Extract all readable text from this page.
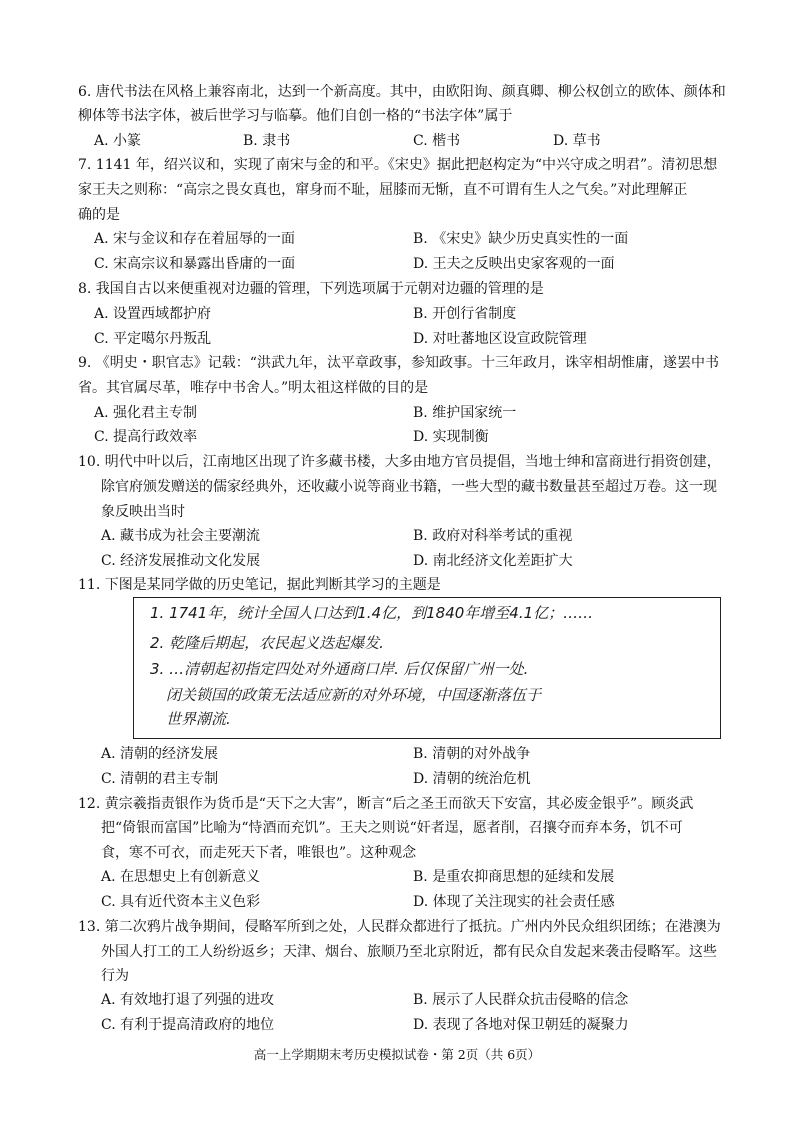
6. 唐代书法在风格上兼容南北，达到一个新高度。其中，由欧阳询、颜真卿、柳公权创立的欧体、颜体和
柳体等书法字体，被后世学习与临摹。他们自创一格的“书法字体”属于
A. 小篆	B. 隶书	C. 楷书	D. 草书
7. 1141 年，绍兴议和，实现了南宋与金的和平。《宋史》据此把赵构定为“中兴守成之明君”。清初思想
家王夫之则称：“高宗之畏女真也，窜身而不耻，屈膝而无惭，直不可谓有生人之气矣。”对此理解正
确的是
A. 宋与金议和存在着屈辱的一面	B. 《宋史》缺少历史真实性的一面
C. 宋高宗议和暴露出昏庸的一面	D. 王夫之反映出史家客观的一面
8. 我国自古以来便重视对边疆的管理，下列选项属于元朝对边疆的管理的是
A. 设置西域都护府	B. 开创行省制度
C. 平定噶尔丹叛乱	D. 对吐蕃地区设宣政院管理
9. 《明史・职官志》记载：“洪武九年，汰平章政事，参知政事。十三年政月，诛宰相胡惟庸，遂罢中书
省。其官属尽革，唯存中书舍人。”明太祖这样做的目的是
A. 强化君主专制	B. 维护国家统一
C. 提高行政效率	D. 实现制衡
10. 明代中叶以后，江南地区出现了许多藏书楼，大多由地方官员提倡，当地士绅和富商进行捐资创建，
除官府颁发赠送的儒家经典外，还收藏小说等商业书籍，一些大型的藏书数量甚至超过万卷。这一现
象反映出当时
A. 藏书成为社会主要潮流	B. 政府对科举考试的重视
C. 经济发展推动文化发展	D. 南北经济文化差距扩大
11. 下图是某同学做的历史笔记，据此判断其学习的主题是
1. 1741年，统计全国人口达到1.4亿，到1840年增至4.1亿；……
2. 乾隆后期起，农民起义迭起爆发.
3. …清朝起初指定四处对外通商口岸. 后仅保留广州一处.
闭关锁国的政策无法适应新的对外环境，中国逐渐落伍于
世界潮流.
A. 清朝的经济发展	B. 清朝的对外战争
C. 清朝的君主专制	D. 清朝的统治危机
12. 黄宗羲指责银作为货币是“天下之大害”，断言“后之圣王而欲天下安富，其必废金银乎”。顾炎武
把“倚银而富国”比喻为“恃酒而充饥”。王夫之则说“奸者逞，愿者削，召攘夺而弃本务，饥不可
食，寒不可衣，而走死天下者，唯银也”。这种观念
A. 在思想史上有创新意义	B. 是重农抑商思想的延续和发展
C. 具有近代资本主义色彩	D. 体现了关注现实的社会责任感
13. 第二次鸦片战争期间，侵略军所到之处，人民群众都进行了抵抗。广州内外民众组织团练；在港澳为
外国人打工的工人纷纷返乡；天津、烟台、旅顺乃至北京附近，都有民众自发起来袭击侵略军。这些
行为
A. 有效地打退了列强的进攻	B. 展示了人民群众抗击侵略的信念
C. 有利于提高清政府的地位	D. 表现了各地对保卫朝廷的凝聚力
高一上学期期末考历史模拟试卷・第 2页（共 6页）
